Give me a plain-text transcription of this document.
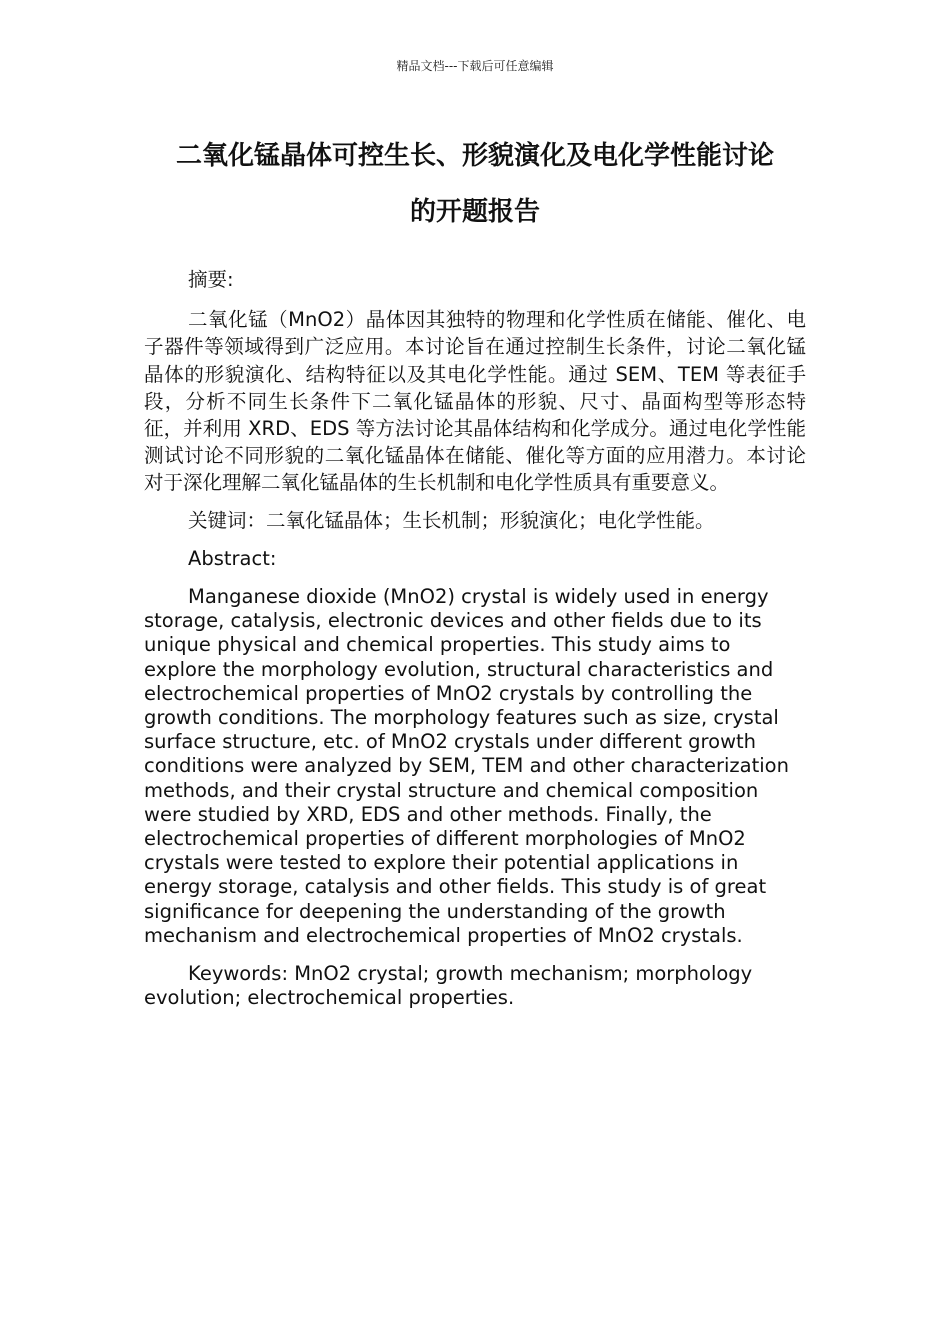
精品文档---下载后可任意编辑
二氧化锰晶体可控生长、形貌演化及电化学性能讨论
的开题报告

摘要:

二氧化锰（MnO2）晶体因其独特的物理和化学性质在储能、催化、电子器件等领域得到广泛应用。本讨论旨在通过控制生长条件，讨论二氧化锰晶体的形貌演化、结构特征以及其电化学性能。通过 SEM、TEM 等表征手段，分析不同生长条件下二氧化锰晶体的形貌、尺寸、晶面构型等形态特征，并利用 XRD、EDS 等方法讨论其晶体结构和化学成分。通过电化学性能测试讨论不同形貌的二氧化锰晶体在储能、催化等方面的应用潜力。本讨论对于深化理解二氧化锰晶体的生长机制和电化学性质具有重要意义。

关键词：二氧化锰晶体；生长机制；形貌演化；电化学性能。

Abstract:

Manganese dioxide (MnO2) crystal is widely used in energy storage, catalysis, electronic devices and other fields due to its unique physical and chemical properties. This study aims to explore the morphology evolution, structural characteristics and electrochemical properties of MnO2 crystals by controlling the growth conditions. The morphology features such as size, crystal surface structure, etc. of MnO2 crystals under different growth conditions were analyzed by SEM, TEM and other characterization methods, and their crystal structure and chemical composition were studied by XRD, EDS and other methods. Finally, the electrochemical properties of different morphologies of MnO2 crystals were tested to explore their potential applications in energy storage, catalysis and other fields. This study is of great significance for deepening the understanding of the growth mechanism and electrochemical properties of MnO2 crystals.

Keywords: MnO2 crystal; growth mechanism; morphology evolution; electrochemical properties.
